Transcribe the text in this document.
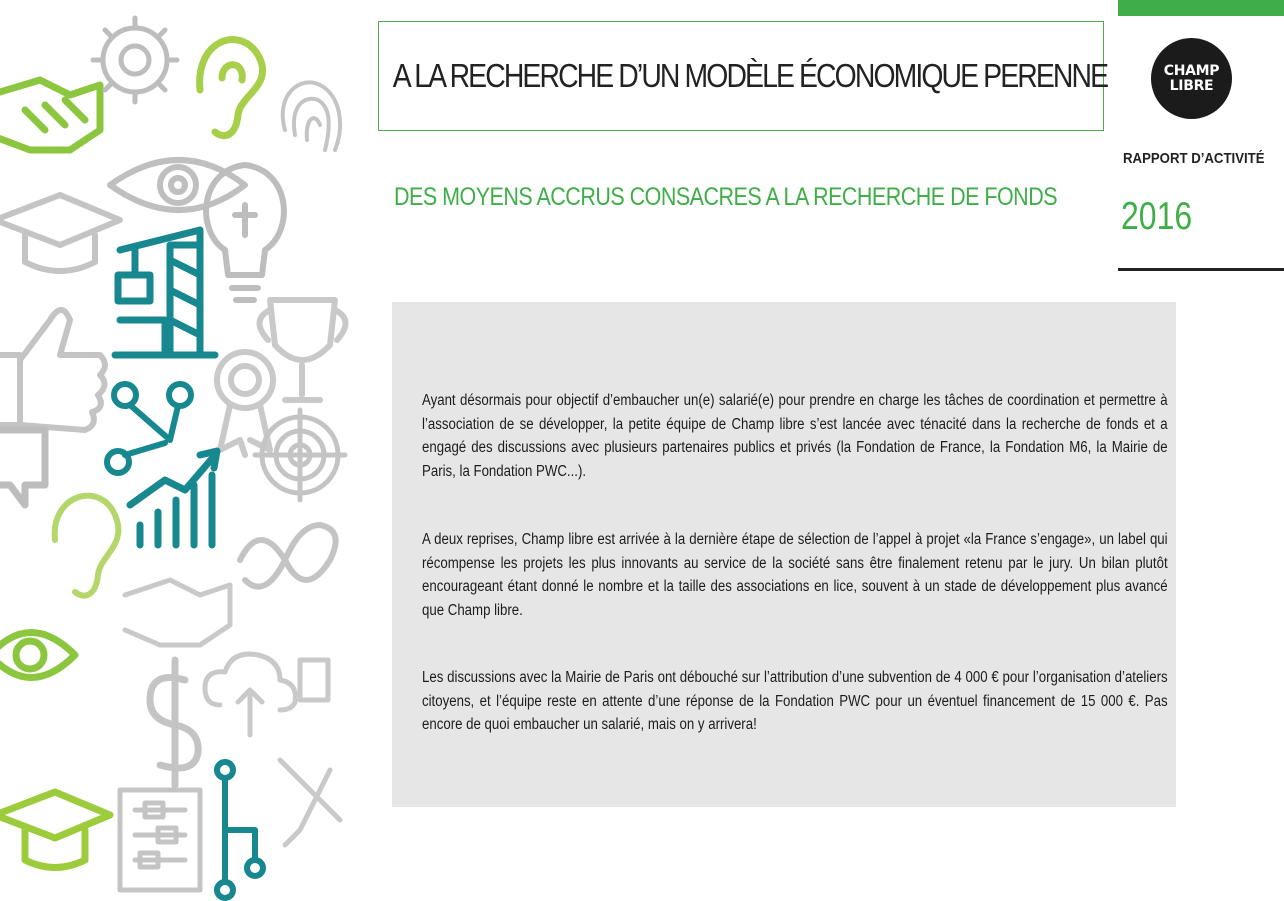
A LA RECHERCHE D’UN MODÈLE ÉCONOMIQUE PERENNE
DES MOYENS ACCRUS CONSACRES A LA RECHERCHE DE FONDS
CHAMP
LIBRE
RAPPORT D’ACTIVITÉ
2016

Ayant désormais pour objectif d’embaucher un(e) salarié(e) pour prendre en charge les tâches de coordination et permettre à l’association de se développer, la petite équipe de Champ libre s’est lancée avec ténacité dans la recherche de fonds et a engagé des discussions avec plusieurs partenaires publics et privés (la Fondation de France, la Fondation M6, la Mairie de Paris, la Fondation PWC...).

A deux reprises, Champ libre est arrivée à la dernière étape de sélection de l’appel à projet «la France s’engage», un label qui récompense les projets les plus innovants au service de la société sans être finalement retenu par le jury. Un bilan plutôt encourageant étant donné le nombre et la taille des associations en lice, souvent à un stade de développement plus avancé que Champ libre.

Les discussions avec la Mairie de Paris ont débouché sur l’attribution d’une subvention de 4 000 € pour l’organisation d’ateliers citoyens, et l’équipe reste en attente d’une réponse de la Fondation PWC pour un éventuel financement de 15 000 €. Pas encore de quoi embaucher un salarié, mais on y arrivera!
